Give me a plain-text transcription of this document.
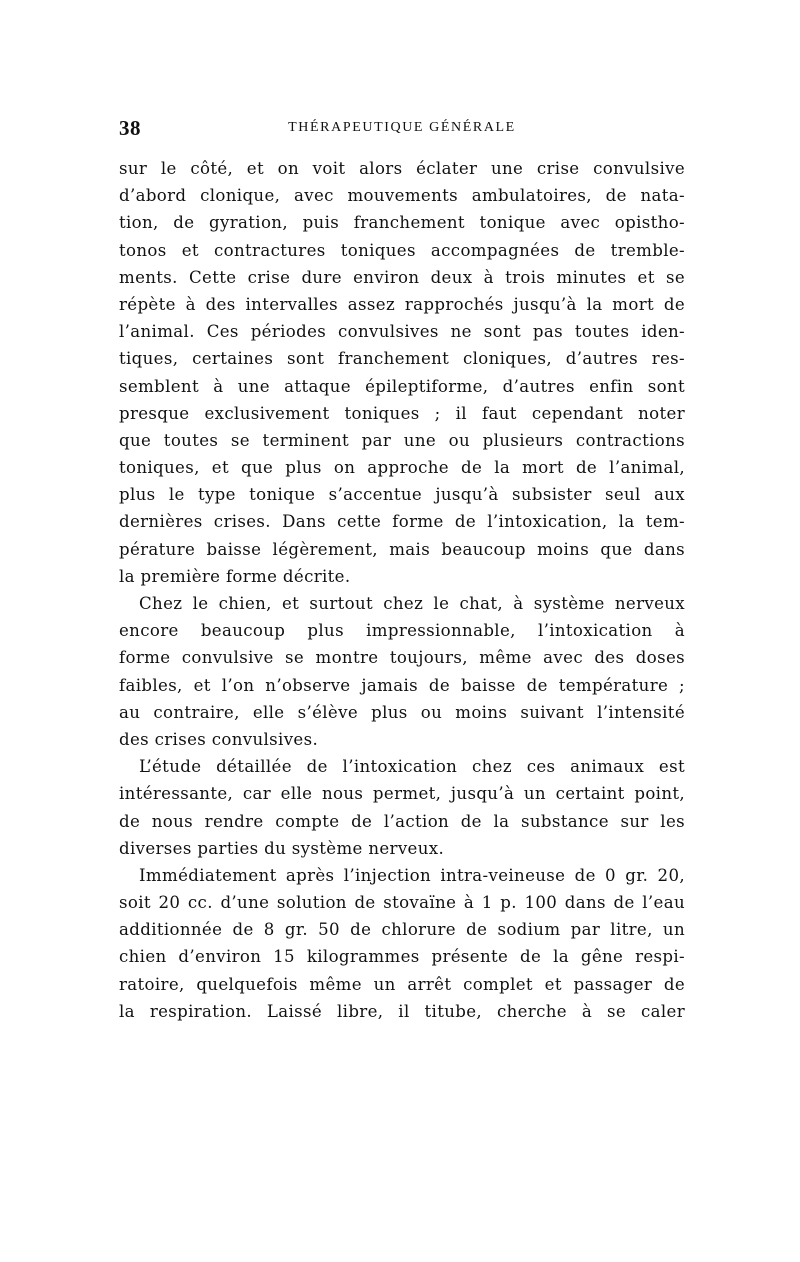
38	THÉRAPEUTIQUE GÉNÉRALE
sur le côté, et on voit alors éclater une crise convulsive
d’abord clonique, avec mouvements ambulatoires, de nata-
tion, de gyration, puis franchement tonique avec opistho-
tonos et contractures toniques accompagnées de tremble-
ments. Cette crise dure environ deux à trois minutes et se
répète à des intervalles assez rapprochés jusqu’à la mort de
l’animal. Ces périodes convulsives ne sont pas toutes iden-
tiques, certaines sont franchement cloniques, d’autres res-
semblent à une attaque épileptiforme, d’autres enfin sont
presque exclusivement toniques ; il faut cependant noter
que toutes se terminent par une ou plusieurs contractions
toniques, et que plus on approche de la mort de l’animal,
plus le type tonique s’accentue jusqu’à subsister seul aux
dernières crises. Dans cette forme de l’intoxication, la tem-
pérature baisse légèrement, mais beaucoup moins que dans
la première forme décrite.
Chez le chien, et surtout chez le chat, à système nerveux
encore beaucoup plus impressionnable, l’intoxication à
forme convulsive se montre toujours, même avec des doses
faibles, et l’on n’observe jamais de baisse de température ;
au contraire, elle s’élève plus ou moins suivant l’intensité
des crises convulsives.
L’étude détaillée de l’intoxication chez ces animaux est
intéressante, car elle nous permet, jusqu’à un certaint point,
de nous rendre compte de l’action de la substance sur les
diverses parties du système nerveux.
Immédiatement après l’injection intra-veineuse de 0 gr. 20,
soit 20 cc. d’une solution de stovaïne à 1 p. 100 dans de l’eau
additionnée de 8 gr. 50 de chlorure de sodium par litre, un
chien d’environ 15 kilogrammes présente de la gêne respi-
ratoire, quelquefois même un arrêt complet et passager de
la respiration. Laissé libre, il titube, cherche à se caler
